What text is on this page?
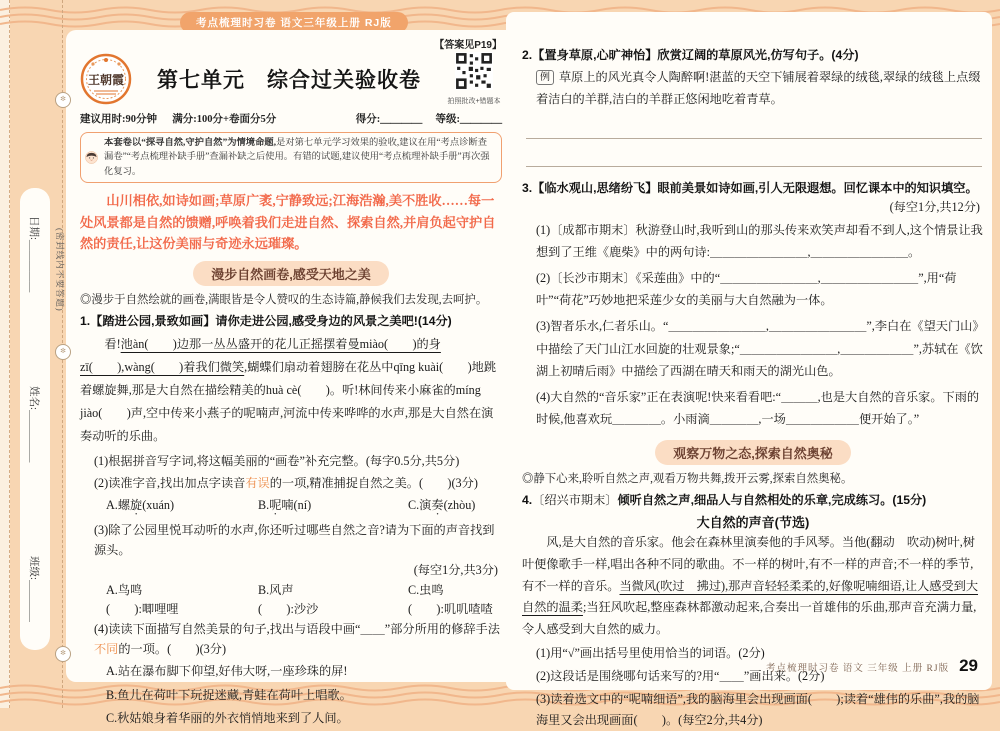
考点梳理时习卷 语文三年级上册 RJ版
日期:＿＿＿＿＿
姓名:＿＿＿＿＿
班级:＿＿＿＿
(密封线内不要答题)
✼
✼
✼
【答案见P19】
王朝霞	第七单元　综合过关验收卷
拍照批改+错题本
建议用时:90分钟 满分:100分+卷面分5分	得分:＿＿＿＿ 等级:＿＿＿＿
本套卷以“探寻自然,守护自然”为情境命题,是对第七单元学习效果的验收,建议在用“考点诊断查漏卷”“考点梳理补缺手册”查漏补缺之后使用。有错的试题,建议使用“考点梳理补缺手册”再次强化复习。

山川相依,如诗如画;草原广袤,宁静致远;江海浩瀚,美不胜收……每一处风景都是自然的馈赠,呼唤着我们走进自然、探索自然,并肩负起守护自然的责任,让这份美丽与奇迹永远璀璨。

漫步自然画卷,感受天地之美
◎漫步于自然绘就的画卷,满眼皆是令人赞叹的生态诗篇,静候我们去发现,去呵护。
1.【踏进公园,景致如画】请你走进公园,感受身边的风景之美吧!(14分)

看!池àn(　　)边那一丛丛盛开的花儿正摇摆着曼miào(　　)的身zī(　　),wàng(　　)着我们微笑,蝴蝶们扇动着翅膀在花丛中qīng kuài(　　)地跳着螺旋舞,那是大自然在描绘精美的huà cè(　　)。听!林间传来小麻雀的míng jiào(　　)声,空中传来小燕子的呢喃声,河流中传来哗哗的水声,那是大自然在演奏动听的乐曲。

(1)根据拼音写字词,将这幅美丽的“画卷”补充完整。(每字0.5分,共5分)
(2)读准字音,找出加点字读音有误的一项,精准捕捉自然之美。(　　)(3分)
A.螺旋(xuán)	B.呢喃(ní)	C.演奏(zhòu)
(3)除了公园里悦耳动听的水声,你还听过哪些自然之音?请为下面的声音找到源头。
(每空1分,共3分)
A.鸟鸣	B.风声	C.虫鸣
(　　):唧哩哩	(　　):沙沙	(　　):叽叽喳喳
(4)读读下面描写自然美景的句子,找出与语段中画“＿＿”部分所用的修辞手法不同的一项。(　　)(3分)
A.站在瀑布脚下仰望,好伟大呀,一座珍珠的屏!
B.鱼儿在荷叶下玩捉迷藏,青蛙在荷叶上唱歌。
C.秋姑娘身着华丽的外衣悄悄地来到了人间。
2.【置身草原,心旷神怡】欣赏辽阔的草原风光,仿写句子。(4分)
例 草原上的风光真令人陶醉啊!湛蓝的天空下铺展着翠绿的绒毯,翠绿的绒毯上点缀着洁白的羊群,洁白的羊群正悠闲地吃着青草。
3.【临水观山,思绪纷飞】眼前美景如诗如画,引人无限遐想。回忆课本中的知识填空。
(每空1分,共12分)
(1)〔成都市期末〕秋游登山时,我听到山的那头传来欢笑声却看不到人,这个情景让我想到了王维《鹿柴》中的两句诗:＿＿＿＿＿＿＿＿,＿＿＿＿＿＿＿＿。
(2)〔长沙市期末〕《采莲曲》中的“＿＿＿＿＿＿＿＿,＿＿＿＿＿＿＿＿”,用“荷叶”“荷花”巧妙地把采莲少女的美丽与大自然融为一体。
(3)智者乐水,仁者乐山。“＿＿＿＿＿＿＿＿,＿＿＿＿＿＿＿＿”,李白在《望天门山》中描绘了天门山江水回旋的壮观景象;“＿＿＿＿＿＿＿＿,＿＿＿＿＿＿”,苏轼在《饮湖上初晴后雨》中描绘了西湖在晴天和雨天的湖光山色。
(4)大自然的“音乐家”正在表演呢!快来看看吧:“＿＿＿,也是大自然的音乐家。下雨的时候,他喜欢玩＿＿＿＿。小雨滴＿＿＿＿,一场＿＿＿＿＿＿便开始了。”
观察万物之态,探索自然奥秘
◎静下心来,聆听自然之声,观看万物共舞,拨开云雾,探索自然奥秘。
4.〔绍兴市期末〕倾听自然之声,细品人与自然相处的乐章,完成练习。(15分)
大自然的声音(节选)

风,是大自然的音乐家。他会在森林里演奏他的手风琴。当他(翻动　吹动)树叶,树叶便像歌手一样,唱出各种不同的歌曲。不一样的树叶,有不一样的声音;不一样的季节,有不一样的音乐。当微风(吹过　拂过),那声音轻轻柔柔的,好像呢喃细语,让人感受到大自然的温柔;当狂风吹起,整座森林都激动起来,合奏出一首雄伟的乐曲,那声音充满力量,令人感受到大自然的威力。

(1)用“√”画出括号里使用恰当的词语。(2分)
(2)这段话是围绕哪句话来写的?用“＿＿”画出来。(2分)
(3)读着选文中的“呢喃细语”,我的脑海里会出现画面(　　);读着“雄伟的乐曲”,我的脑海里又会出现画面(　　)。(每空2分,共4分)
考点梳理时习卷 语文 三年级 上册 RJ版 29
